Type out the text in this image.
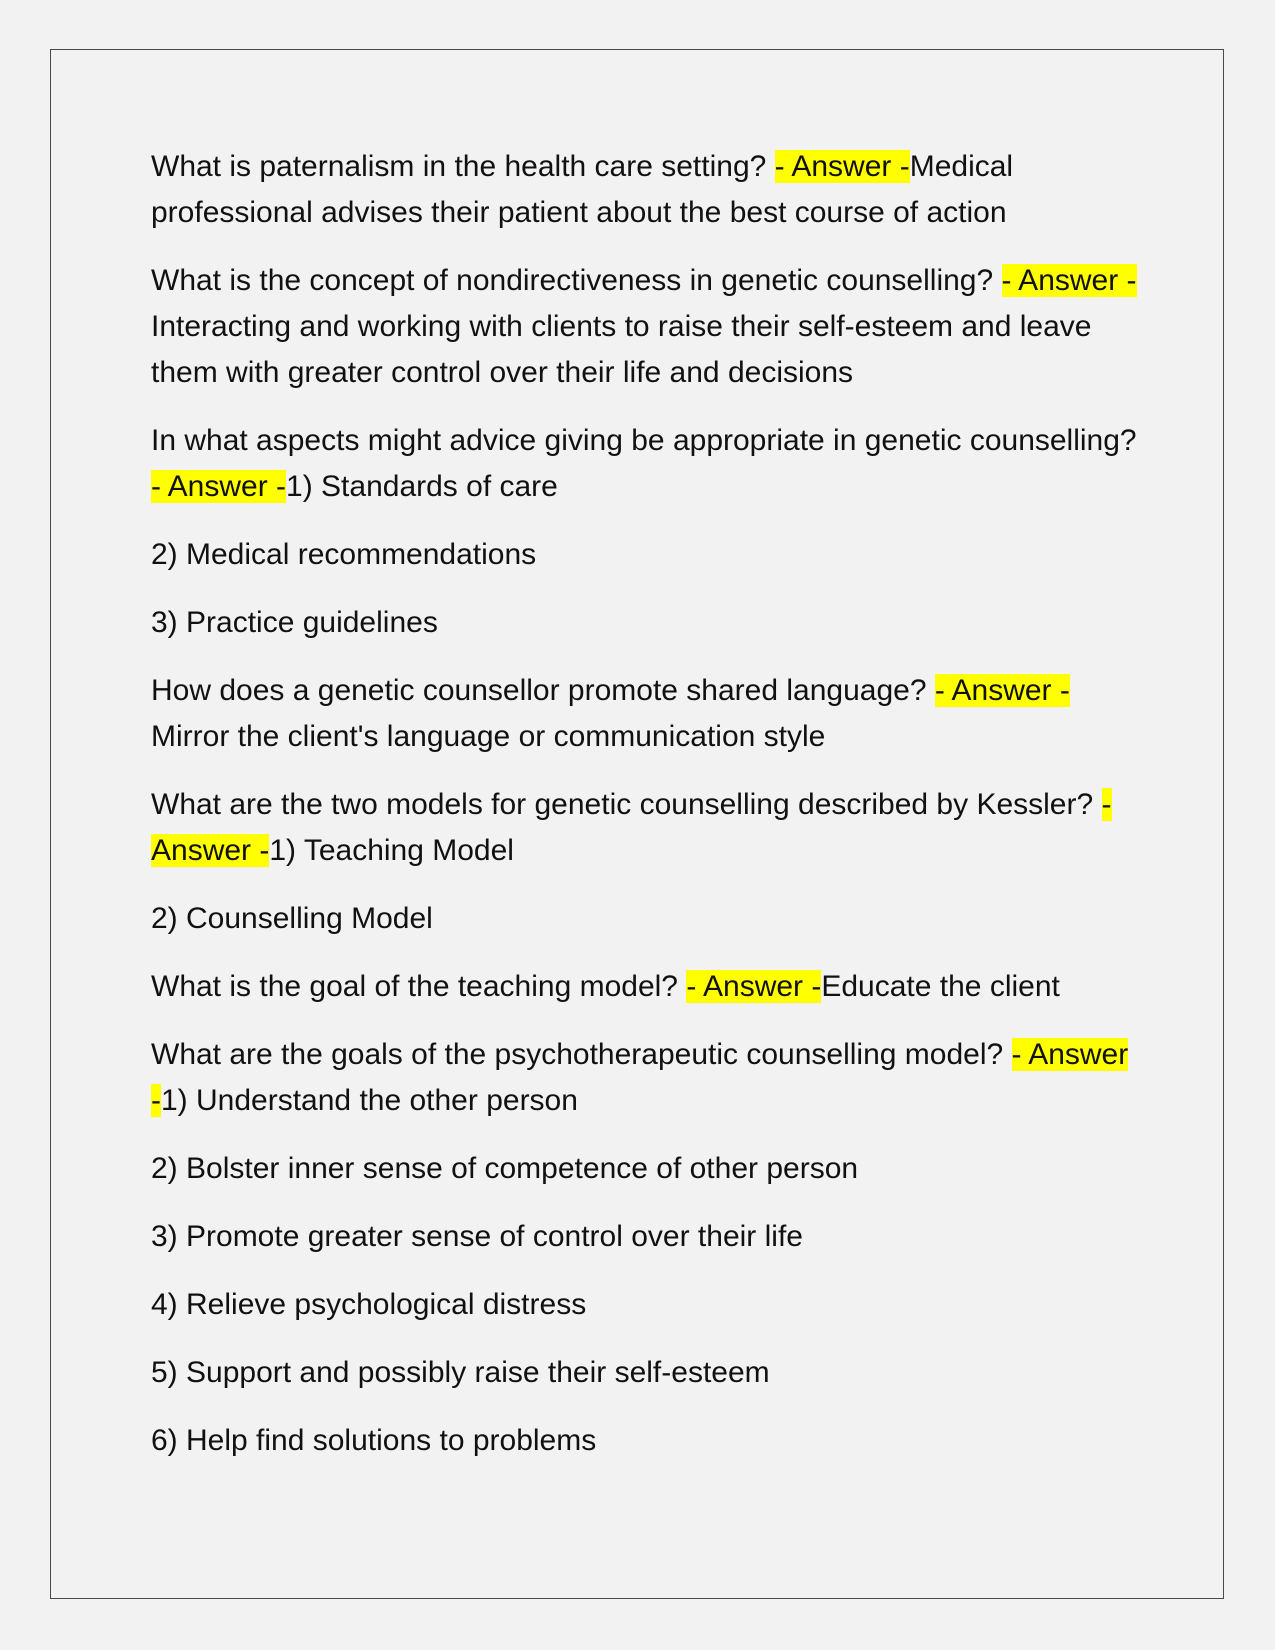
What is paternalism in the health care setting? - Answer -Medical professional advises their patient about the best course of action

What is the concept of nondirectiveness in genetic counselling? - Answer -Interacting and working with clients to raise their self-esteem and leave them with greater control over their life and decisions

In what aspects might advice giving be appropriate in genetic counselling? - Answer -1) Standards of care

2) Medical recommendations

3) Practice guidelines

How does a genetic counsellor promote shared language? - Answer -Mirror the client's language or communication style

What are the two models for genetic counselling described by Kessler? - Answer -1) Teaching Model

2) Counselling Model

What is the goal of the teaching model? - Answer -Educate the client

What are the goals of the psychotherapeutic counselling model? - Answer -1) Understand the other person

2) Bolster inner sense of competence of other person

3) Promote greater sense of control over their life

4) Relieve psychological distress

5) Support and possibly raise their self-esteem

6) Help find solutions to problems
